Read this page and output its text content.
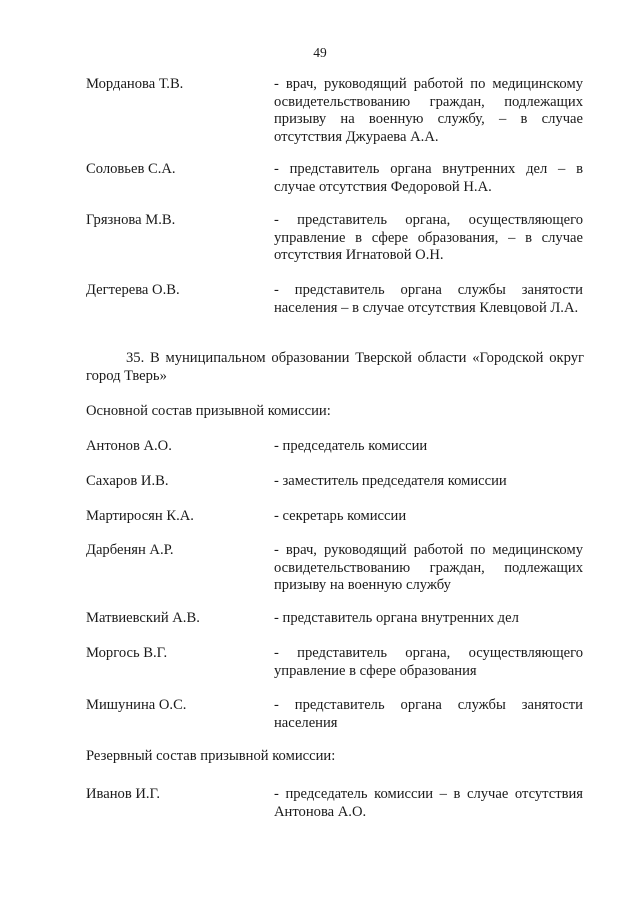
49
Морданова Т.В.	- врач, руководящий работой по медицинскому освидетельствованию граждан, подлежащих призыву на военную службу, – в случае отсутствия Джураева А.А.
Соловьев С.А.	- представитель органа внутренних дел – в случае отсутствия Федоровой Н.А.
Грязнова М.В.	- представитель органа, осуществляющего управление в сфере образования, – в случае отсутствия Игнатовой О.Н.
Дегтерева О.В.	- представитель органа службы занятости населения – в случае отсутствия Клевцовой Л.А.
35. В муниципальном образовании Тверской области «Городской округ город Тверь»
Основной состав призывной комиссии:
Антонов А.О.	- председатель комиссии
Сахаров И.В.	- заместитель председателя комиссии
Мартиросян К.А.	- секретарь комиссии
Дарбенян А.Р.	- врач, руководящий работой по медицинскому освидетельствованию граждан, подлежащих призыву на военную службу
Матвиевский А.В.	- представитель органа внутренних дел
Моргось В.Г.	- представитель органа, осуществляющего управление в сфере образования
Мишунина О.С.	- представитель органа службы занятости населения
Резервный состав призывной комиссии:
Иванов И.Г.	- председатель комиссии – в случае отсутствия Антонова А.О.
